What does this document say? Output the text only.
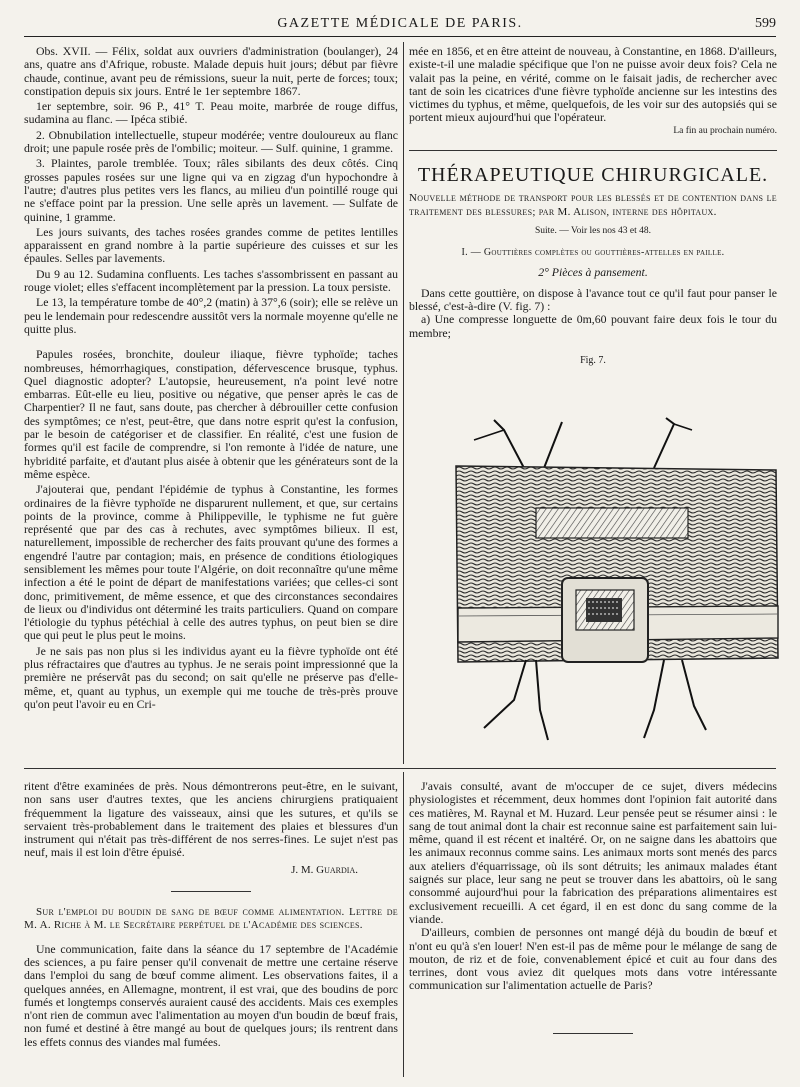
GAZETTE MÉDICALE DE PARIS.	599

Obs. XVII. — Félix, soldat aux ouvriers d'administration (boulanger), 24 ans, quatre ans d'Afrique, robuste. Malade depuis huit jours; début par fièvre chaude, continue, avant peu de rémissions, sueur la nuit, perte de forces; toux; constipation depuis six jours. Entré le 1er septembre 1867.

1er septembre, soir. 96 P., 41° T. Peau moite, marbrée de rouge diffus, sudamina au flanc. — Ipéca stibié.

2. Obnubilation intellectuelle, stupeur modérée; ventre douloureux au flanc droit; une papule rosée près de l'ombilic; moiteur. — Sulf. quinine, 1 gramme.

3. Plaintes, parole tremblée. Toux; râles sibilants des deux côtés. Cinq grosses papules rosées sur une ligne qui va en zigzag d'un hypochondre à l'autre; d'autres plus petites vers les flancs, au milieu d'un pointillé rouge qui ne s'efface point par la pression. Une selle après un lavement. — Sulfate de quinine, 1 gramme.

Les jours suivants, des taches rosées grandes comme de petites lentilles apparaissent en grand nombre à la partie supérieure des cuisses et sur les épaules. Selles par lavements.

Du 9 au 12. Sudamina confluents. Les taches s'assombrissent en passant au rouge violet; elles s'effacent incomplètement par la pression. La toux persiste.

Le 13, la température tombe de 40°,2 (matin) à 37°,6 (soir); elle se relève un peu le lendemain pour redescendre aussitôt vers la normale moyenne qu'elle ne quitte plus.

Papules rosées, bronchite, douleur iliaque, fièvre typhoïde; taches nombreuses, hémorrhagiques, constipation, défervescence brusque, typhus. Quel diagnostic adopter? L'autopsie, heureusement, n'a point levé notre embarras. Eût-elle eu lieu, positive ou négative, que penser après le cas de Charpentier? Il ne faut, sans doute, pas chercher à débrouiller cette confusion des symptômes; ce n'est, peut-être, que dans notre esprit qu'est la confusion, par le besoin de catégoriser et de classifier. En réalité, c'est une fusion de formes qu'il est facile de comprendre, si l'on remonte à l'idée de nature, une hybridité parfaite, et d'autant plus aisée à obtenir que les générateurs sont de la même espèce.

J'ajouterai que, pendant l'épidémie de typhus à Constantine, les formes ordinaires de la fièvre typhoïde ne disparurent nullement, et que, sur certains points de la province, comme à Philippeville, le typhisme ne fut guère représenté que par des cas à rechutes, avec symptômes bilieux. Il est, naturellement, impossible de rechercher des faits prouvant qu'une des formes a engendré l'autre par contagion; mais, en présence de conditions étiologiques sensiblement les mêmes pour toute l'Algérie, on doit reconnaître qu'une même infection a été le point de départ de manifestations variées; que celles-ci sont donc, primitivement, de même essence, et que des circonstances secondaires de lieux ou d'individus ont déterminé les traits particuliers. Quand on compare l'étiologie du typhus pétéchial à celle des autres typhus, on peut bien se dire que qui peut le plus peut le moins.

Je ne sais pas non plus si les individus ayant eu la fièvre typhoïde ont été plus réfractaires que d'autres au typhus. Je ne serais point impressionné que la première ne préservât pas du second; on sait qu'elle ne préserve pas d'elle-même, et, quant au typhus, un exemple qui me touche de très-près prouve qu'on peut l'avoir eu en Cri-

mée en 1856, et en être atteint de nouveau, à Constantine, en 1868. D'ailleurs, existe-t-il une maladie spécifique que l'on ne puisse avoir deux fois? Cela ne valait pas la peine, en vérité, comme on le faisait jadis, de rechercher avec tant de soin les cicatrices d'une fièvre typhoïde ancienne sur les intestins des victimes du typhus, et même, quelquefois, de les voir sur des autopsiés qui se portent mieux aujourd'hui que l'opérateur.

La fin au prochain numéro.

THÉRAPEUTIQUE CHIRURGICALE.

Nouvelle méthode de transport pour les blessés et de contention dans le traitement des blessures; par M. Alison, interne des hôpitaux.

Suite. — Voir les nos 43 et 48.
I. — Gouttières complètes ou gouttières-attelles en paille.
2° Pièces à pansement.

Dans cette gouttière, on dispose à l'avance tout ce qu'il faut pour panser le blessé, c'est-à-dire (V. fig. 7) :

a) Une compresse longuette de 0m,60 pouvant faire deux fois le tour du membre;

Fig. 7.

ritent d'être examinées de près. Nous démontrerons peut-être, en le suivant, non sans user d'autres textes, que les anciens chirurgiens pratiquaient fréquemment la ligature des vaisseaux, ainsi que les sutures, et qu'ils se servaient très-probablement dans le traitement des plaies et blessures d'un instrument qui n'était pas très-différent de nos serres-fines. Le sujet n'est pas neuf, mais il est loin d'être épuisé.

J. M. Guardia.

Sur l'emploi du boudin de sang de bœuf comme alimentation. Lettre de M. A. Riche à M. le Secrétaire perpétuel de l'Académie des sciences.

Une communication, faite dans la séance du 17 septembre de l'Académie des sciences, a pu faire penser qu'il convenait de mettre une certaine réserve dans l'emploi du sang de bœuf comme aliment. Les observations faites, il a quelques années, en Allemagne, montrent, il est vrai, que des boudins de porc fumés et longtemps conservés auraient causé des accidents. Mais ces exemples n'ont rien de commun avec l'alimentation au moyen d'un boudin de bœuf frais, non fumé et destiné à être mangé au bout de quelques jours; ils rentrent dans les effets connus des viandes mal fumées.

J'avais consulté, avant de m'occuper de ce sujet, divers médecins physiologistes et récemment, deux hommes dont l'opinion fait autorité dans ces matières, M. Raynal et M. Huzard. Leur pensée peut se résumer ainsi : le sang de tout animal dont la chair est reconnue saine est parfaitement sain lui-même, quand il est récent et inaltéré. Or, on ne saigne dans les abattoirs que les animaux reconnus comme sains. Les animaux morts sont menés des parcs aux ateliers d'équarrissage, où ils sont détruits; les animaux malades étant saignés sur place, leur sang ne peut se trouver dans les abattoirs, où le sang consommé aujourd'hui pour la fabrication des préparations alimentaires est exclusivement recueilli. A cet égard, il en est donc du sang comme de la viande.

D'ailleurs, combien de personnes ont mangé déjà du boudin de bœuf et n'ont eu qu'à s'en louer! N'en est-il pas de même pour le mélange de sang de mouton, de riz et de foie, convenablement épicé et cuit au four dans des terrines, dont vous aviez dit quelques mots dans votre intéressante communication sur l'alimentation actuelle de Paris?
